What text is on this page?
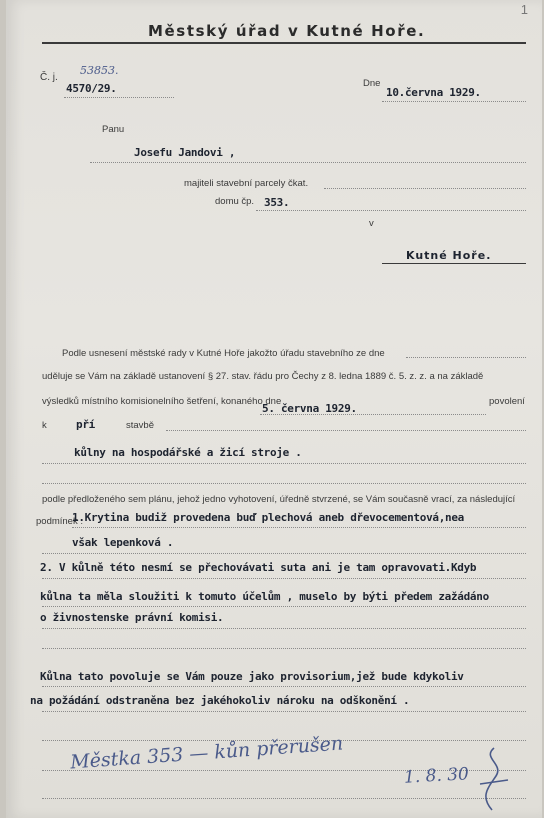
1
Městský úřad v Kutné Hoře.
Č. j.
53853.
4570/29.	Dne
10.června 1929.
Panu
Josefu Jandovi ,
majiteli stavební parcely čkat.
domu čp. 353.
v
Kutné Hoře.
Podle usnesení městské rady v Kutné Hoře jakožto úřadu stavebního ze dne
uděluje se Vám na základě ustanovení § 27. stav. řádu pro Čechy z 8. ledna 1889 č. 5. z. z. a na základě
výsledků místního komisionelního šetření, konaného dne
5. června 1929.
povolení
k	pří	stavbě
kůlny na hospodářské a žicí stroje .
podle předloženého sem plánu, jehož jedno vyhotovení, úředně stvrzené, se Vám současně vrací, za následující
podmínek :
1.Krytina budiž provedena buď plechová aneb dřevocementová,nea
však lepenková .
2. V kůlně této nesmí se přechovávati suta ani je tam opravovati.Kdyb
kůlna ta měla sloužiti k tomuto účelům , muselo by býti předem zažádáno
o živnostenske právní komisi.
Kůlna tato povoluje se Vám pouze jako provisorium,jež bude kdykoliv
na požádání odstraněna bez jakéhokoliv nároku na odškonění .
Městka 353 — kůn přerušen
1. 8. 30
